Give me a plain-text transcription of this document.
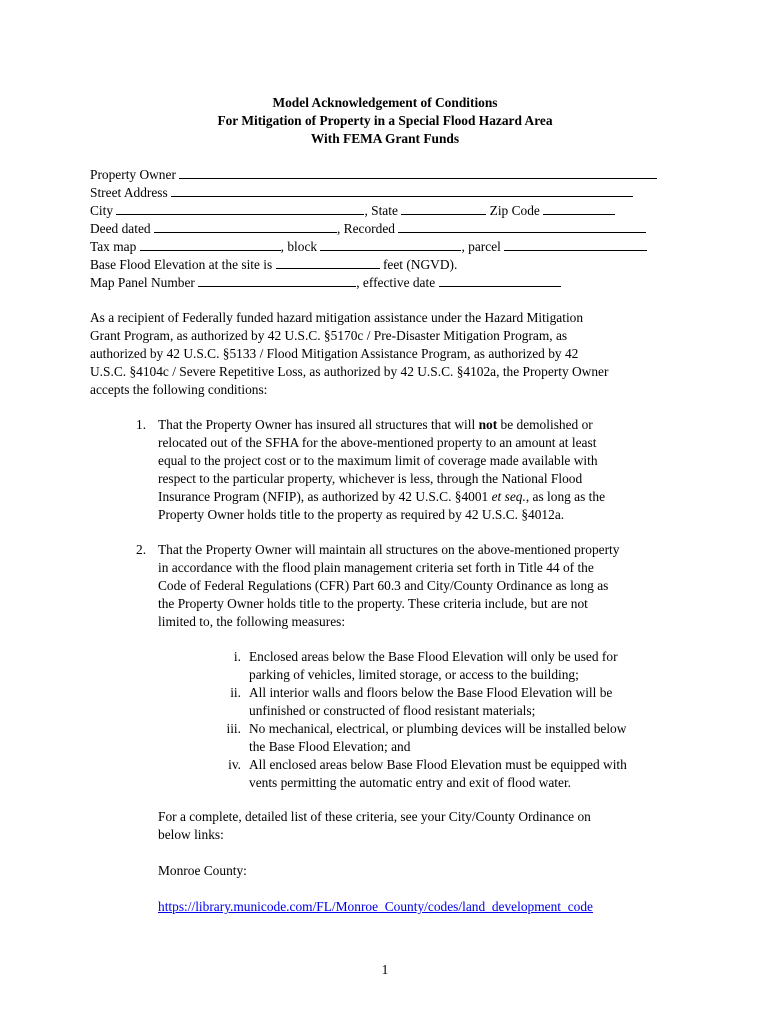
Model Acknowledgement of Conditions
For Mitigation of Property in a Special Flood Hazard Area
With FEMA Grant Funds
Property Owner
Street Address
City	, State	Zip Code
Deed dated	, Recorded
Tax map	, block	, parcel
Base Flood Elevation at the site is	feet (NGVD).
Map Panel Number	, effective date
As a recipient of Federally funded hazard mitigation assistance under the Hazard Mitigation
Grant Program, as authorized by 42 U.S.C. §5170c / Pre-Disaster Mitigation Program, as
authorized by 42 U.S.C. §5133 / Flood Mitigation Assistance Program, as authorized by 42
U.S.C. §4104c / Severe Repetitive Loss, as authorized by 42 U.S.C. §4102a, the Property Owner
accepts the following conditions:
1. That the Property Owner has insured all structures that will not be demolished or
relocated out of the SFHA for the above-mentioned property to an amount at least
equal to the project cost or to the maximum limit of coverage made available with
respect to the particular property, whichever is less, through the National Flood
Insurance Program (NFIP), as authorized by 42 U.S.C. §4001 et seq., as long as the
Property Owner holds title to the property as required by 42 U.S.C. §4012a.
2. That the Property Owner will maintain all structures on the above-mentioned property
in accordance with the flood plain management criteria set forth in Title 44 of the
Code of Federal Regulations (CFR) Part 60.3 and City/County Ordinance as long as
the Property Owner holds title to the property. These criteria include, but are not
limited to, the following measures:
i. Enclosed areas below the Base Flood Elevation will only be used for
parking of vehicles, limited storage, or access to the building;
ii. All interior walls and floors below the Base Flood Elevation will be
unfinished or constructed of flood resistant materials;
iii. No mechanical, electrical, or plumbing devices will be installed below
the Base Flood Elevation; and
iv. All enclosed areas below Base Flood Elevation must be equipped with
vents permitting the automatic entry and exit of flood water.
For a complete, detailed list of these criteria, see your City/County Ordinance on
below links:
Monroe County:
https://library.municode.com/FL/Monroe_County/codes/land_development_code
1
